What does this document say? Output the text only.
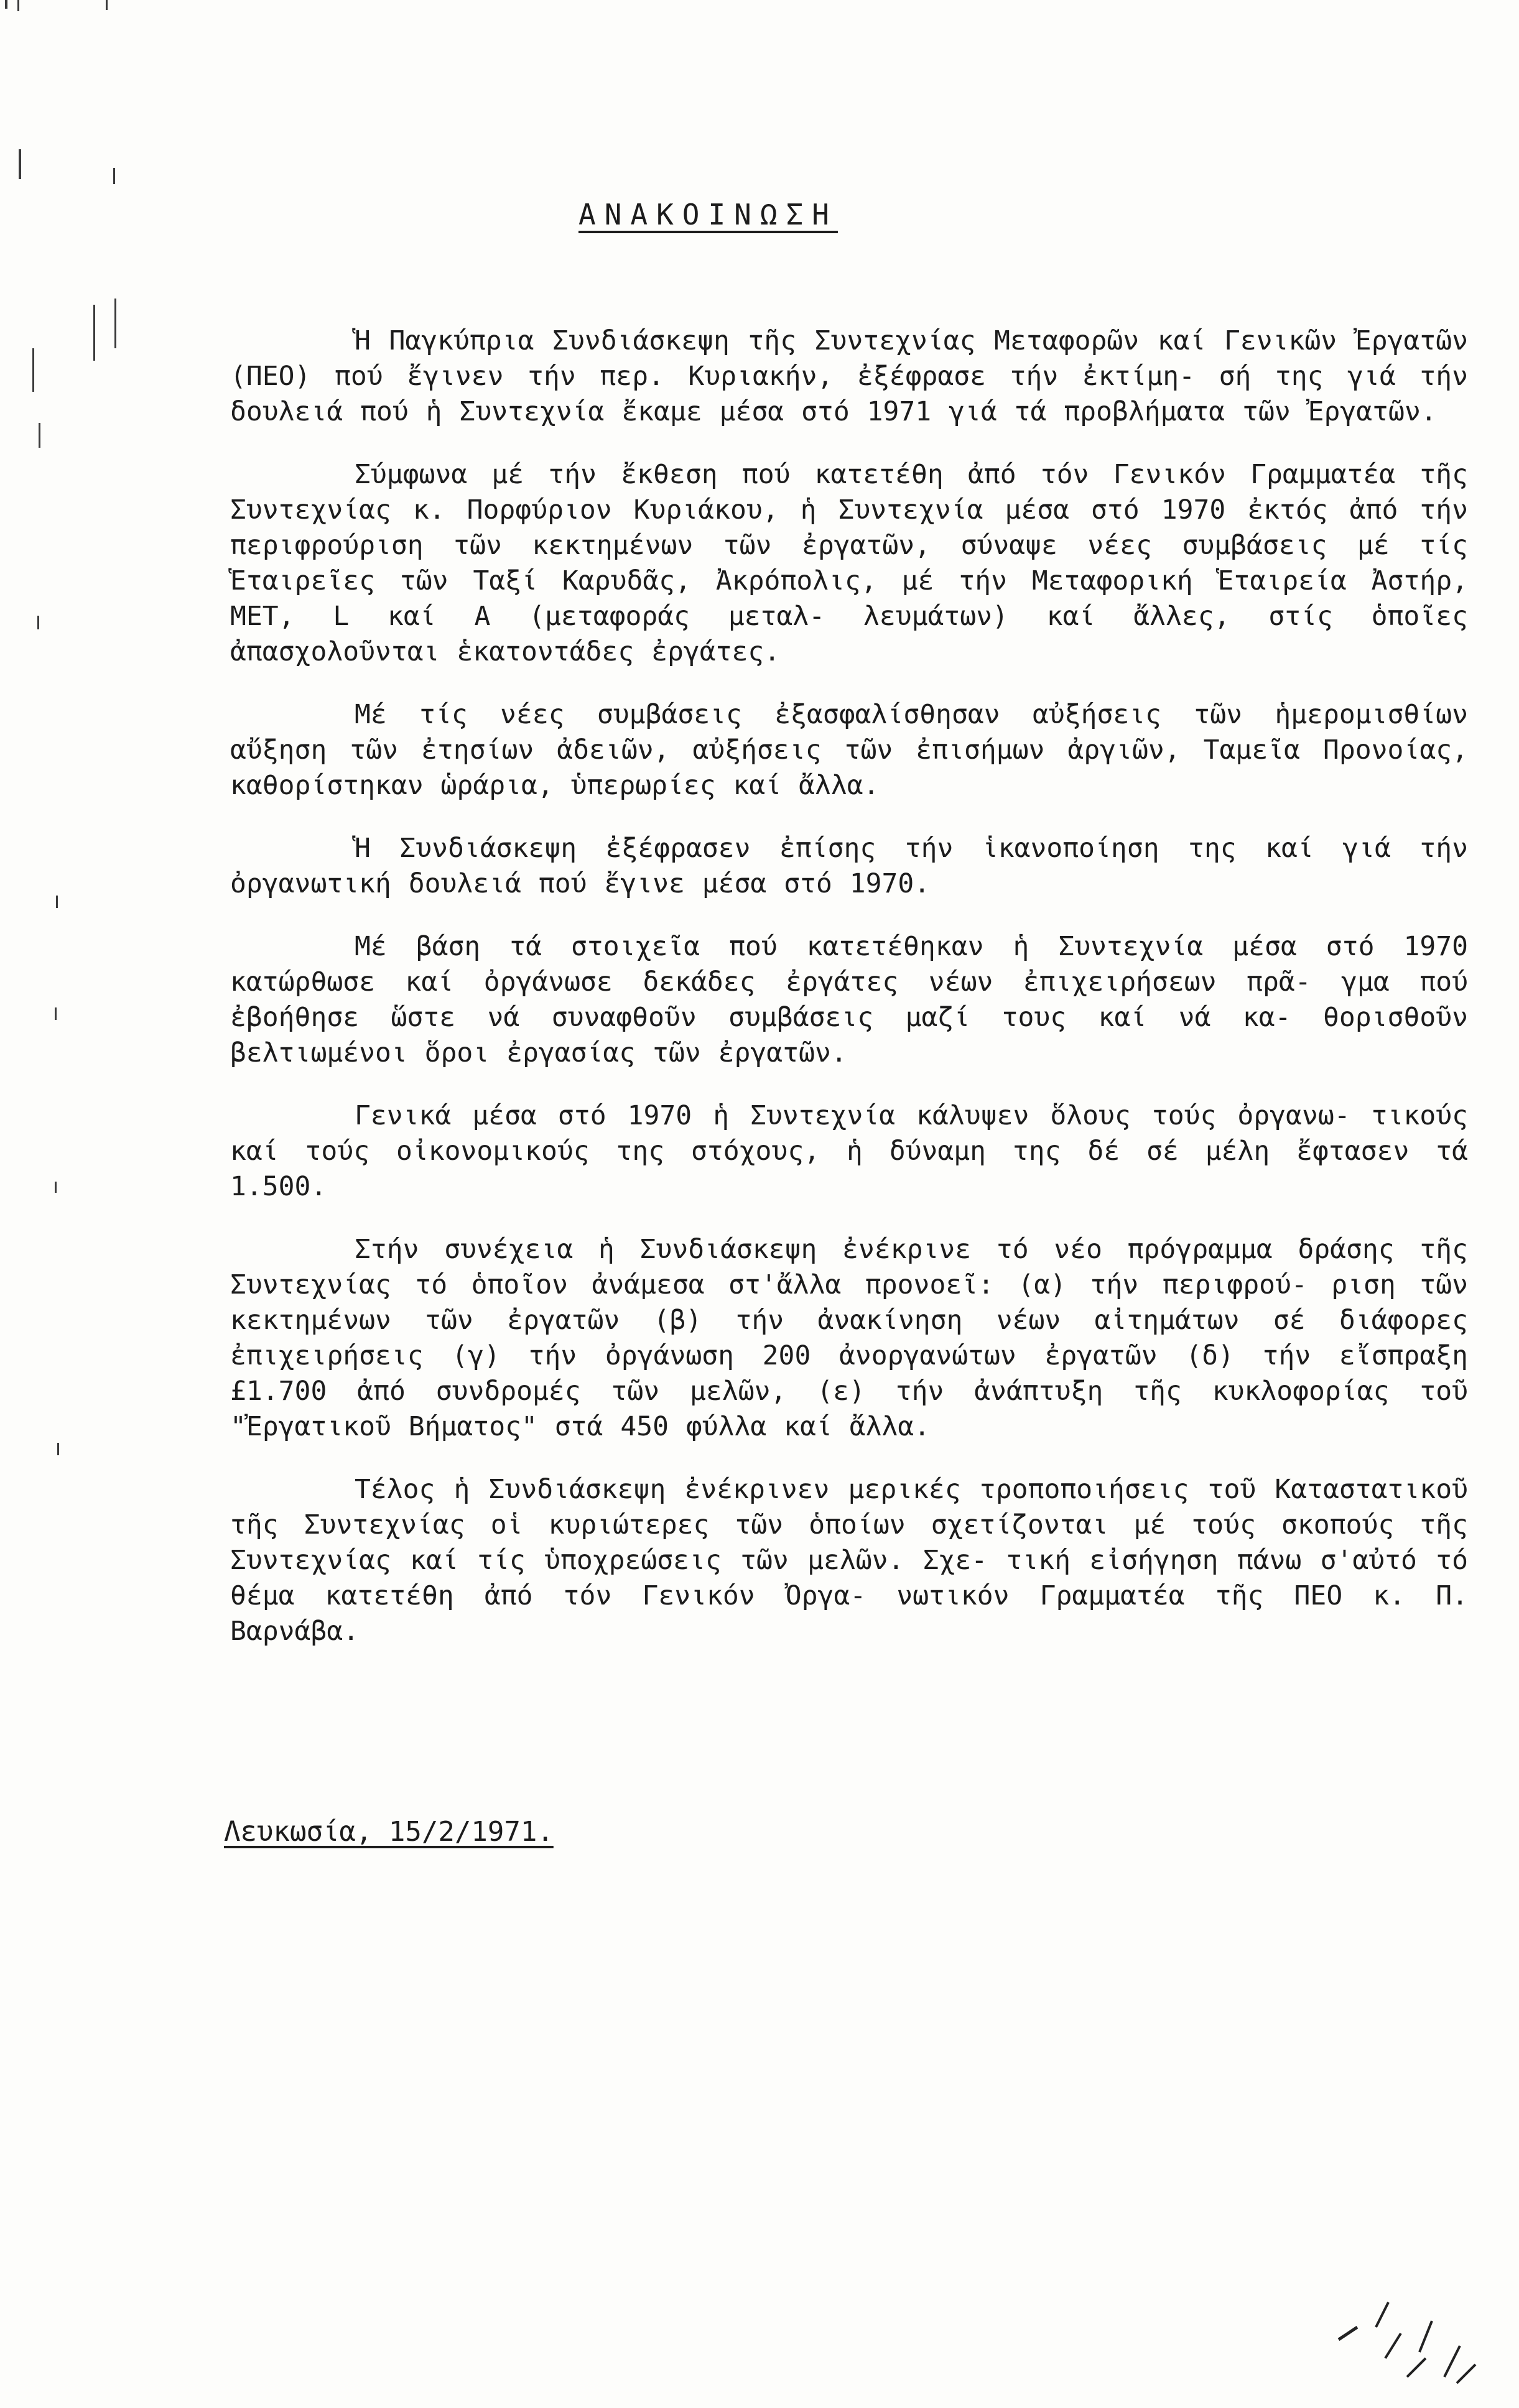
ΑΝΑΚΟΙΝΩΣΗ

Ἡ Παγκύπρια Συνδιάσκεψη τῆς Συντεχνίας Μεταφορῶν καί Γενικῶν Ἐργατῶν (ΠΕΟ) πού ἔγινεν τήν περ. Κυριακήν, ἐξέφρασε τήν ἐκτίμη- σή της γιά τήν δουλειά πού ἡ Συντεχνία ἔκαμε μέσα στό 1971 γιά τά προβλήματα τῶν Ἐργατῶν.

Σύμφωνα μέ τήν ἔκθεση πού κατετέθη ἀπό τόν Γενικόν Γραμματέα τῆς Συντεχνίας κ. Πορφύριον Κυριάκου, ἡ Συντεχνία μέσα στό 1970 ἐκτός ἀπό τήν περιφρούριση τῶν κεκτημένων τῶν ἐργατῶν, σύναψε νέες συμβάσεις μέ τίς Ἑταιρεῖες τῶν Ταξί Καρυδᾶς, Ἀκρόπολις, μέ τήν Μεταφορική Ἑταιρεία Ἀστήρ, ΜΕΤ, L καί Α (μεταφοράς μεταλ- λευμάτων) καί ἄλλες, στίς ὁποῖες ἀπασχολοῦνται ἑκατοντάδες ἐργάτες.

Μέ τίς νέες συμβάσεις ἐξασφαλίσθησαν αὐξήσεις τῶν ἡμερομισθίων αὔξηση τῶν ἐτησίων ἀδειῶν, αὐξήσεις τῶν ἐπισήμων ἀργιῶν, Ταμεῖα Προνοίας, καθορίστηκαν ὡράρια, ὑπερωρίες καί ἄλλα.

Ἡ Συνδιάσκεψη ἐξέφρασεν ἐπίσης τήν ἱκανοποίηση της καί γιά τήν ὀργανωτική δουλειά πού ἔγινε μέσα στό 1970.

Μέ βάση τά στοιχεῖα πού κατετέθηκαν ἡ Συντεχνία μέσα στό 1970 κατώρθωσε καί ὀργάνωσε δεκάδες ἐργάτες νέων ἐπιχειρήσεων πρᾶ- γμα πού ἐβοήθησε ὥστε νά συναφθοῦν συμβάσεις μαζί τους καί νά κα- θορισθοῦν βελτιωμένοι ὅροι ἐργασίας τῶν ἐργατῶν.

Γενικά μέσα στό 1970 ἡ Συντεχνία κάλυψεν ὅλους τούς ὀργανω- τικούς καί τούς οἰκονομικούς της στόχους, ἡ δύναμη της δέ σέ μέλη ἔφτασεν τά 1.500.

Στήν συνέχεια ἡ Συνδιάσκεψη ἐνέκρινε τό νέο πρόγραμμα δράσης τῆς Συντεχνίας τό ὁποῖον ἀνάμεσα στ'ἄλλα προνοεῖ: (α) τήν περιφρού- ριση τῶν κεκτημένων τῶν ἐργατῶν (β) τήν ἀνακίνηση νέων αἰτημάτων σέ διάφορες ἐπιχειρήσεις (γ) τήν ὀργάνωση 200 ἀνοργανώτων ἐργατῶν (δ) τήν εἴσπραξη £1.700 ἀπό συνδρομές τῶν μελῶν, (ε) τήν ἀνάπτυξη τῆς κυκλοφορίας τοῦ "Ἐργατικοῦ Βήματος" στά 450 φύλλα καί ἄλλα.

Τέλος ἡ Συνδιάσκεψη ἐνέκρινεν μερικές τροποποιήσεις τοῦ Καταστατικοῦ τῆς Συντεχνίας οἱ κυριώτερες τῶν ὁποίων σχετίζονται μέ τούς σκοπούς τῆς Συντεχνίας καί τίς ὑποχρεώσεις τῶν μελῶν. Σχε- τική εἰσήγηση πάνω σ'αὐτό τό θέμα κατετέθη ἀπό τόν Γενικόν Ὀργα- νωτικόν Γραμματέα τῆς ΠΕΟ κ. Π. Βαρνάβα.

Λευκωσία, 15/2/1971.
